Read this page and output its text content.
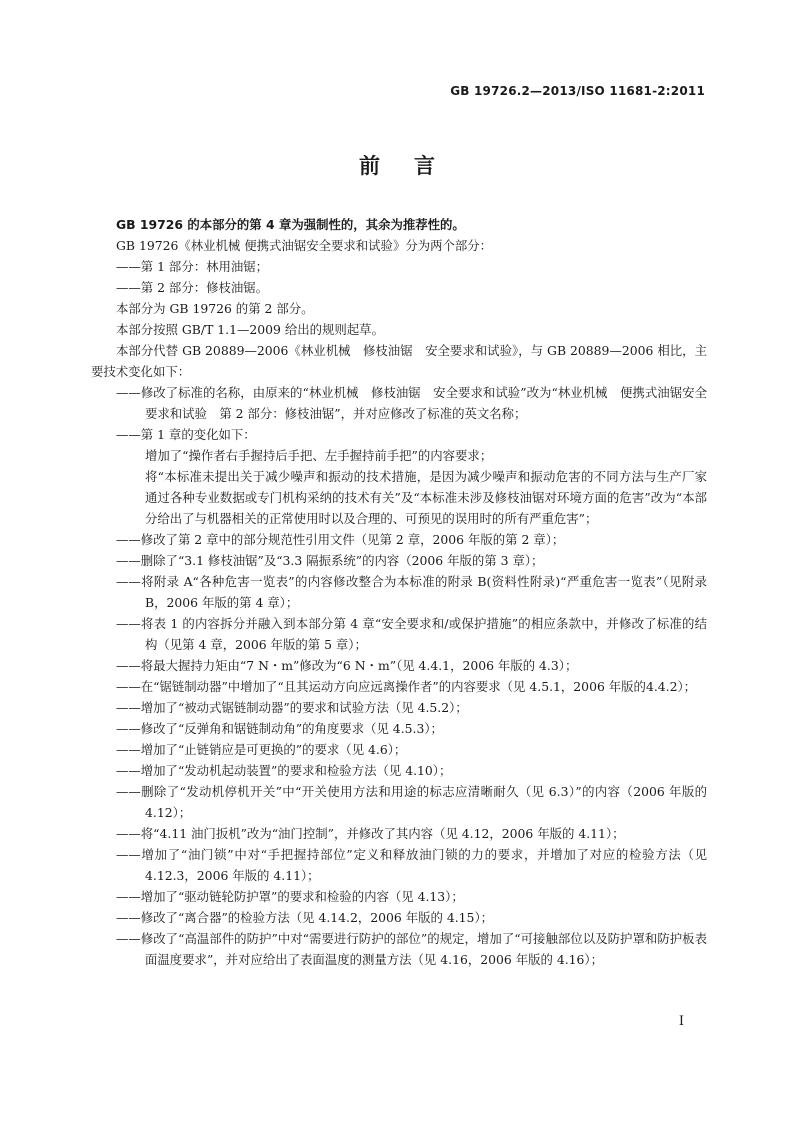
GB 19726.2—2013/ISO 11681-2:2011
前言

GB 19726 的本部分的第 4 章为强制性的，其余为推荐性的。

GB 19726《林业机械 便携式油锯安全要求和试验》分为两个部分：

——第 1 部分：林用油锯；

——第 2 部分：修枝油锯。

本部分为 GB 19726 的第 2 部分。

本部分按照 GB/T 1.1—2009 给出的规则起草。

本部分代替 GB 20889—2006《林业机械　修枝油锯　安全要求和试验》，与 GB 20889—2006 相比，主要技术变化如下：

——修改了标准的名称，由原来的“林业机械　修枝油锯　安全要求和试验”改为“林业机械　便携式油锯安全要求和试验　第 2 部分：修枝油锯”，并对应修改了标准的英文名称；

——第 1 章的变化如下：

增加了“操作者右手握持后手把、左手握持前手把”的内容要求；

将“本标准未提出关于减少噪声和振动的技术措施，是因为减少噪声和振动危害的不同方法与生产厂家通过各种专业数据或专门机构采纳的技术有关”及“本标准未涉及修枝油锯对环境方面的危害”改为“本部分给出了与机器相关的正常使用时以及合理的、可预见的误用时的所有严重危害”；

——修改了第 2 章中的部分规范性引用文件（见第 2 章，2006 年版的第 2 章）；

——删除了“3.1 修枝油锯”及“3.3 隔振系统”的内容（2006 年版的第 3 章）；

——将附录 A“各种危害一览表”的内容修改整合为本标准的附录 B(资料性附录)“严重危害一览表”（见附录 B，2006 年版的第 4 章）；

——将表 1 的内容拆分并融入到本部分第 4 章“安全要求和/或保护措施”的相应条款中，并修改了标准的结构（见第 4 章，2006 年版的第 5 章）；

——将最大握持力矩由“7 N・m”修改为“6 N・m”（见 4.4.1，2006 年版的 4.3）；

——在“锯链制动器”中增加了“且其运动方向应远离操作者”的内容要求（见 4.5.1，2006 年版的4.4.2）；

——增加了“被动式锯链制动器”的要求和试验方法（见 4.5.2）；

——修改了“反弹角和锯链制动角”的角度要求（见 4.5.3）；

——增加了“止链销应是可更换的”的要求（见 4.6）；

——增加了“发动机起动装置”的要求和检验方法（见 4.10）；

——删除了“发动机停机开关”中“开关使用方法和用途的标志应清晰耐久（见 6.3）”的内容（2006 年版的 4.12）；

——将“4.11 油门扳机”改为“油门控制”，并修改了其内容（见 4.12，2006 年版的 4.11）；

——增加了“油门锁”中对“手把握持部位”定义和释放油门锁的力的要求，并增加了对应的检验方法（见 4.12.3，2006 年版的 4.11）；

——增加了“驱动链轮防护罩”的要求和检验的内容（见 4.13）；

——修改了“离合器”的检验方法（见 4.14.2，2006 年版的 4.15）；

——修改了“高温部件的防护”中对“需要进行防护的部位”的规定，增加了“可接触部位以及防护罩和防护板表面温度要求”，并对应给出了表面温度的测量方法（见 4.16，2006 年版的 4.16）；

I
